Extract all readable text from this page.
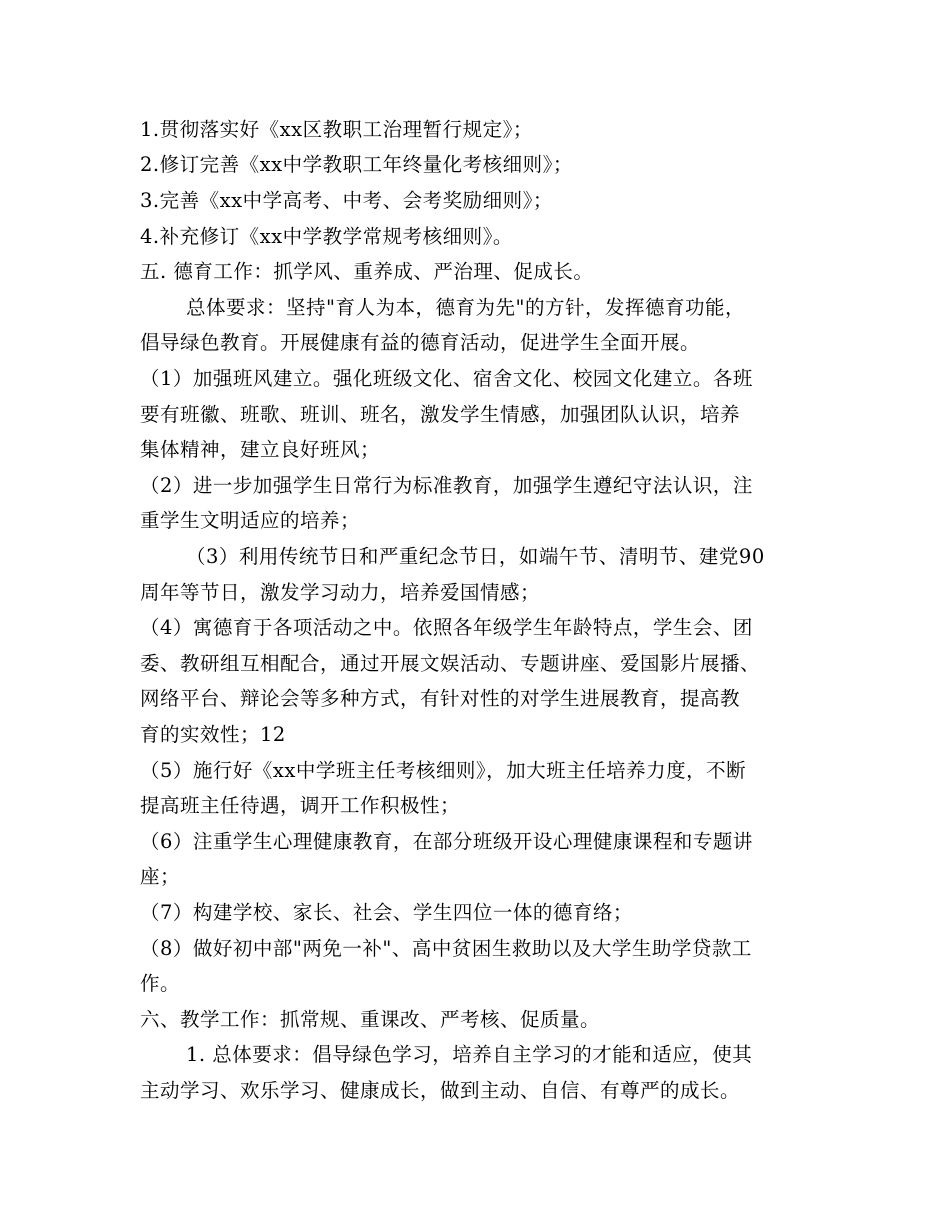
1.贯彻落实好《xx区教职工治理暂行规定》；
2.修订完善《xx中学教职工年终量化考核细则》；
3.完善《xx中学高考、中考、会考奖励细则》；
4.补充修订《xx中学教学常规考核细则》。
五. 德育工作：抓学风、重养成、严治理、促成长。
总体要求：坚持"育人为本，德育为先"的方针，发挥德育功能，
倡导绿色教育。开展健康有益的德育活动，促进学生全面开展。
（1）加强班风建立。强化班级文化、宿舍文化、校园文化建立。各班
要有班徽、班歌、班训、班名，激发学生情感，加强团队认识，培养
集体精神，建立良好班风；
（2）进一步加强学生日常行为标准教育，加强学生遵纪守法认识，注
重学生文明适应的培养；
（3）利用传统节日和严重纪念节日，如端午节、清明节、建党90
周年等节日，激发学习动力，培养爱国情感；
（4）寓德育于各项活动之中。依照各年级学生年龄特点，学生会、团
委、教研组互相配合，通过开展文娱活动、专题讲座、爱国影片展播、
网络平台、辩论会等多种方式，有针对性的对学生进展教育，提高教
育的实效性；12
（5）施行好《xx中学班主任考核细则》，加大班主任培养力度，不断
提高班主任待遇，调开工作积极性；
（6）注重学生心理健康教育，在部分班级开设心理健康课程和专题讲
座；
（7）构建学校、家长、社会、学生四位一体的德育络；
（8）做好初中部"两免一补"、高中贫困生救助以及大学生助学贷款工
作。
六、教学工作：抓常规、重课改、严考核、促质量。
1. 总体要求：倡导绿色学习，培养自主学习的才能和适应，使其
主动学习、欢乐学习、健康成长，做到主动、自信、有尊严的成长。
